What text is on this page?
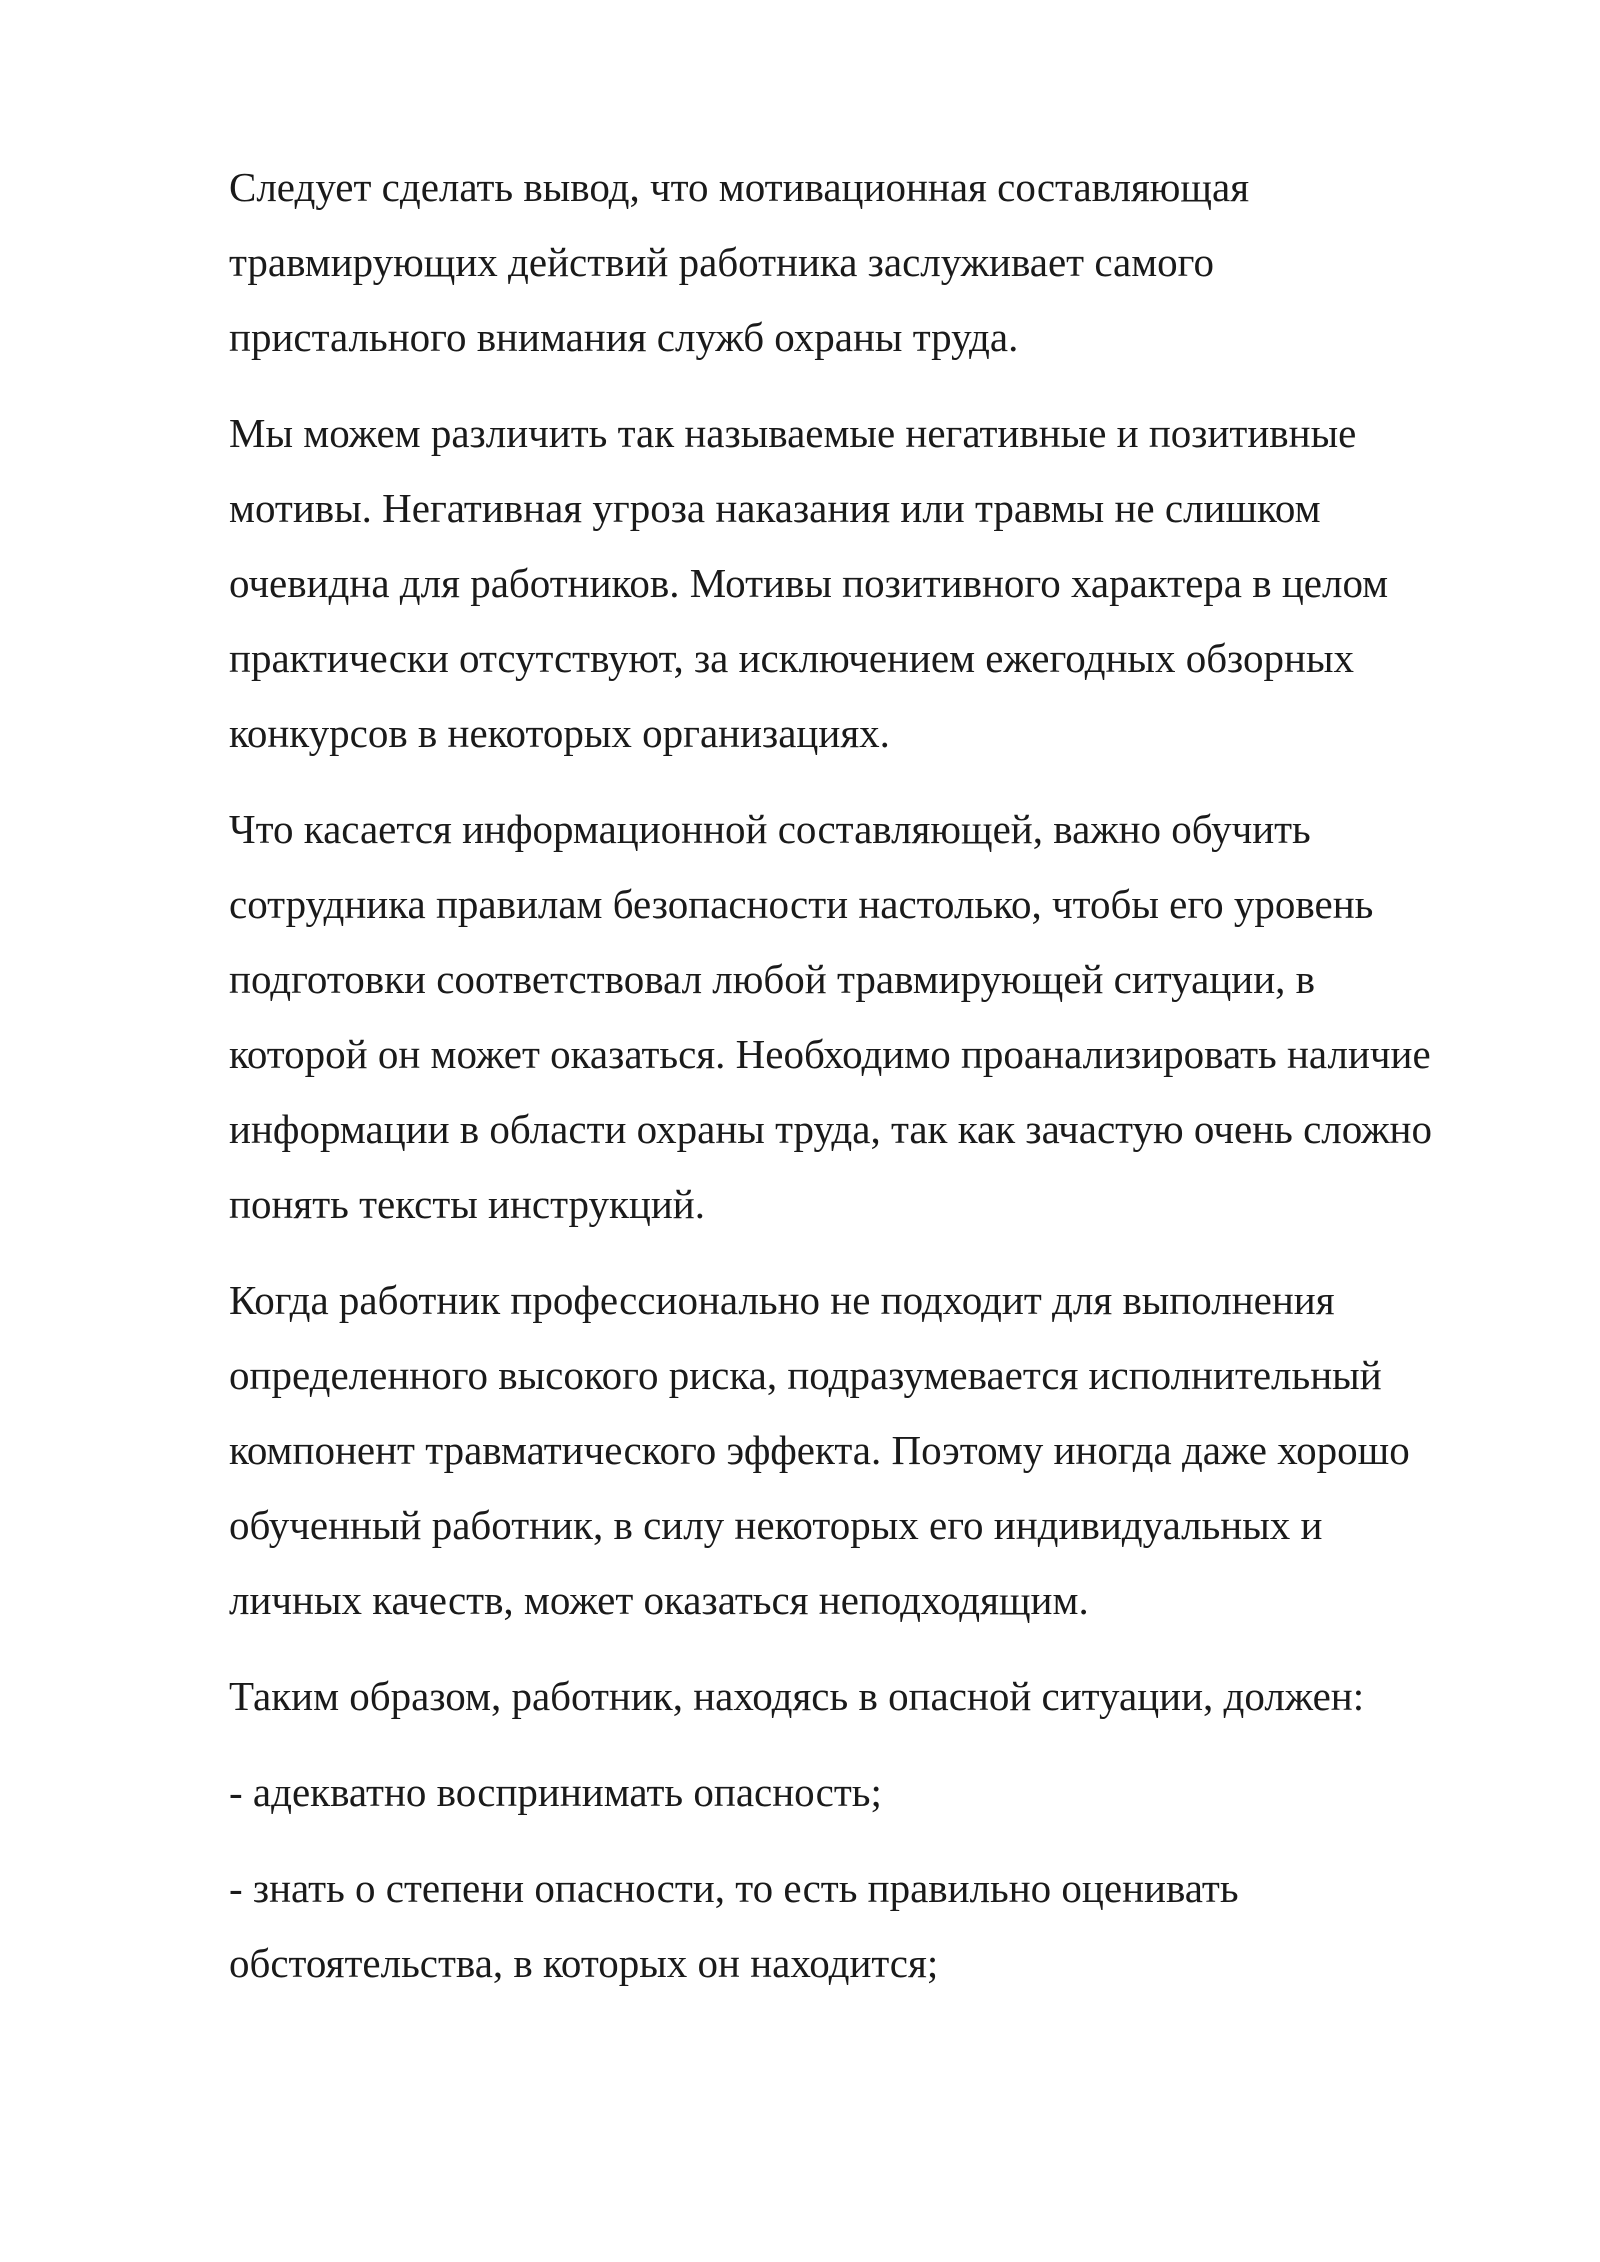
Следует сделать вывод, что мотивационная составляющая
травмирующих действий работника заслуживает самого
пристального внимания служб охраны труда.

Мы можем различить так называемые негативные и позитивные
мотивы. Негативная угроза наказания или травмы не слишком
очевидна для работников. Мотивы позитивного характера в целом
практически отсутствуют, за исключением ежегодных обзорных
конкурсов в некоторых организациях.

Что касается информационной составляющей, важно обучить
сотрудника правилам безопасности настолько, чтобы его уровень
подготовки соответствовал любой травмирующей ситуации, в
которой он может оказаться. Необходимо проанализировать наличие
информации в области охраны труда, так как зачастую очень сложно
понять тексты инструкций.

Когда работник профессионально не подходит для выполнения
определенного высокого риска, подразумевается исполнительный
компонент травматического эффекта. Поэтому иногда даже хорошо
обученный работник, в силу некоторых его индивидуальных и
личных качеств, может оказаться неподходящим.

Таким образом, работник, находясь в опасной ситуации, должен:

- адекватно воспринимать опасность;

- знать о степени опасности, то есть правильно оценивать
обстоятельства, в которых он находится;
